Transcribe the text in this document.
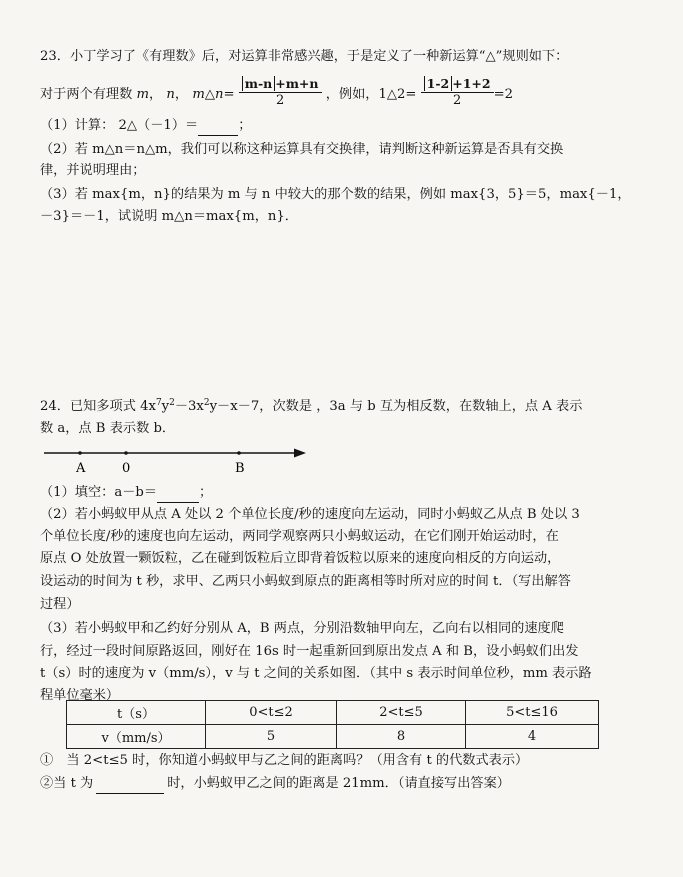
23．小丁学习了《有理数》后，对运算非常感兴趣，于是定义了一种新运算“△”规则如下：
对于两个有理数 m， n， m△n= $\frac{m-n +m+n}{2}$ ，例如，1△2= $\frac{1-2 +1+2}{2} =2$
（1）计算： 2△（－1）＝	；
（2）若 m△n＝n△m，我们可以称这种运算具有交换律，请判断这种新运算是否具有交换
律，并说明理由；
（3）若 max{m，n}的结果为 m 与 n 中较大的那个数的结果，例如 max{3，5}＝5，max{－1，
－3}＝－1，试说明 m△n＝max{m，n}．
24．已知多项式 $4x^7y^2-3x^2y-x-7$，次数是 ，3a 与 b 互为相反数，在数轴上，点 A 表示
数 a，点 B 表示数 b．
A	0	B
（1）填空：a－b＝	；
（2）若小蚂蚁甲从点 A 处以 2 个单位长度/秒的速度向左运动，同时小蚂蚁乙从点 B 处以 3
个单位长度/秒的速度也向左运动，两同学观察两只小蚂蚁运动，在它们刚开始运动时，在
原点 O 处放置一颗饭粒，乙在碰到饭粒后立即背着饭粒以原来的速度向相反的方向运动，
设运动的时间为 t 秒，求甲、乙两只小蚂蚁到原点的距离相等时所对应的时间 t．（写出解答
过程）
（3）若小蚂蚁甲和乙约好分别从 A，B 两点，分别沿数轴甲向左，乙向右以相同的速度爬
行，经过一段时间原路返回，刚好在 16s 时一起重新回到原出发点 A 和 B，设小蚂蚁们出发
t（s）时的速度为 v（mm/s），v 与 t 之间的关系如图．（其中 s 表示时间单位秒，mm 表示路
程单位毫米）
t（s）	0<t≤2	2<t≤5	5<t≤16
v（mm/s）	5	8	4
①　当 2<t≤5 时，你知道小蚂蚁甲与乙之间的距离吗？（用含有 t 的代数式表示）
②当 t 为	时，小蚂蚁甲乙之间的距离是 21mm．（请直接写出答案）
